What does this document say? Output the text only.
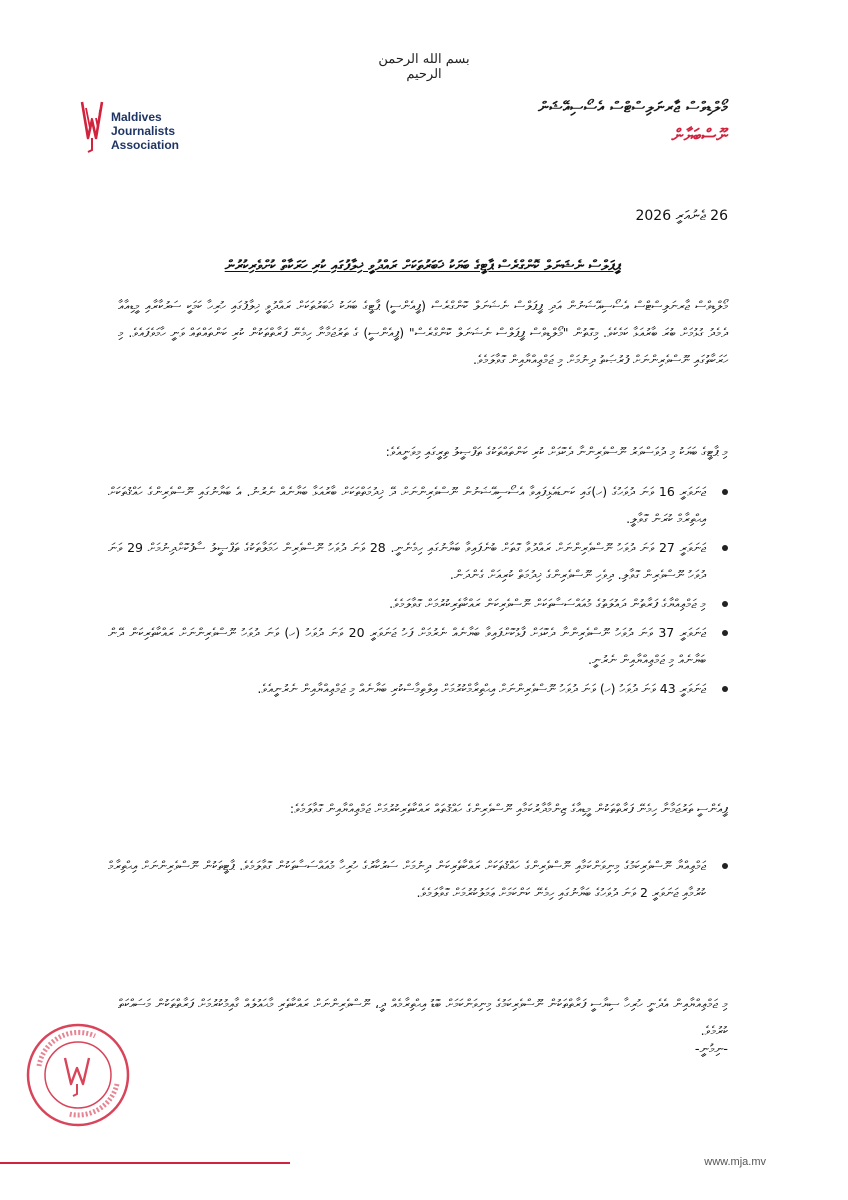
بسم الله الرحمن الرحيم
Maldives
Journalists
Association
މޯލްޑިވްސް ޖާރނަލިސްޓްސް އެސޯސިއޭޝަން
ނޫސްބަޔާން
26 ޖެނުއަރީ 2026
ޕީޕަލްސް ނެޝަނަލް ކޮންގްރެސް ޕާޓީގެ ބަޔަކު ޚަބަރުތަކަށް ރައްދުވީ ޚިލާފުގައި ކުރި ހަރަކާތް ކުށްވެރިކުރުން
މޯލްޑިވްސް ޖާރނަލިސްޓްސް އެސޯސިއޭޝަނުން އަދި ޕީޕަލްސް ނެޝަނަލް ކޮންގްރެސް (ޕީއެންސީ) ޕާޓީގެ ބަޔަކު ޚަބަރުތަކަށް ރައްދުވީ ޚިލާފުގައި ހުރިހާ ކަމަކީ ސަރުކާރާއި މީޑިއާއާ ދެމެދު ގުޅުމަށް ބުރަ ބާރުއަޅާ ކަމެކެވެ. މިގޮތުން "މޯލްޑިވްސް ޕީޕަލްސް ނެޝަނަލް ކޮންގްރެސް" (ޕީއެންސީ) ގެ ތަރުޖަމާނާ ހިމެނޭ ފަރާތްތަކުން ކުރި ކަންތައްތައް ވަނީ ހާމަވެފައެވެ. މި ހަރަކާތުގައި ނޫސްވެރިންނަށް ފުރުޞަތު ދިނުމަށް މި ޖަމްޢިއްޔާއިން ގޮވާލަމެވެ.
މި ޕާޓީގެ ބަޔަކު މި ދުވަސްވަރު ނޫސްވެރިންނާ ދެކޮޅަށް ކުރި ކަންތައްތަކުގެ ތަފްޞީލު ތިރީގައި މިވަނީއެވެ:
ޖަނަވަރީ 16 ވަނަ ދުވަހުގެ (ހ)ގައި ކަނޑައެޅިފައިވާ އެސޯސިއޭޝަނުން ނޫސްވެރިންނަށް ދޭ ޚިދުމަތްތަކަށް ބާރުއަޅާ ބަޔާނެއް ނެރުނު. އެ ބަޔާނުގައި ނޫސްވެރިންގެ ހައްޤުތަކަށް އިޙްތިރާމް ކުރަން ގޮވާލީ.
ޖަނަވަރީ 27 ވަނަ ދުވަހު ނޫސްވެރިންނަށް ރައްދުވާ ގޮތަށް ބުނެފައިވާ ބަޔާނުގައި ހިމެނެނީ. 28 ވަނަ ދުވަހު ނޫސްވެރިން ހަމަލާތަކުގެ ތަފްޞީލު ސާފުކޮށްދިނުމަށް 29 ވަނަ ދުވަހު ނޫސްވެރިން ގޮވާލި. ދިވެހި ނޫސްވެރިންގެ ޚިދުމަތް ކުރިއަށް ގެންދަން.
މި ޖަމްޢިއްޔާގެ ފަރާތުން ދައުލަތުގެ މުއައްސަސާތަކަށް ނޫސްވެރިކަން ރައްކާތެރިކުރުމަށް ގޮވާލަމެވެ.
ޖަނަވަރީ 37 ވަނަ ދުވަހު ނޫސްވެރިންނާ ދެކޮޅަށް ފާޅުކޮށްފައިވާ ބަޔާނެއް ނެރުމަށް ފަހު ޖަނަވަރީ 20 ވަނަ ދުވަހު (ހ) ވަނަ ދުވަހު ނޫސްވެރިންނަށް ރައްކާތެރިކަން ދޭން ބަޔާނެއް މި ޖަމްޢިއްޔާއިން ނެރުނީ.
ޖަނަވަރީ 43 ވަނަ ދުވަހު (ހ) ވަނަ ދުވަހު ނޫސްވެރިންނަށް އިޙްތިރާމްކުރުމަށް އިލްތިމާސްކުރި ބަޔާނެއް މި ޖަމްޢިއްޔާއިން ނެރުނީއެވެ.
ޕީއެންސީ ތަރުޖަމާނާ ހިމެނޭ ފަރާތްތަކުން މީޑިއާގެ ޒިންމާދާރުކަމާއި ނޫސްވެރިންގެ ހައްޤުތައް ރައްކާތެރިކުރުމަށް ޖަމްޢިއްޔާއިން ގޮވާލަމެވެ:
ޖަމްޢިއްޔާ ނޫސްވެރިކަމުގެ މިނިވަންކަމާއި ނޫސްވެރިންގެ ހައްޤުތަކަށް ރައްކާތެރިކަން ދިނުމަށް ސަރުކާރުގެ ހުރިހާ މުއައްސަސާތަކުން ގޮވާލަމެވެ. ޕާޓީތަކުން ނޫސްވެރިންނަށް އިޙްތިރާމް ކުރުމާއި ޖަނަވަރީ 2 ވަނަ ދުވަހުގެ ބަޔާނުގައި ހިމެނޭ ކަންކަމަށް ޢަމަލުކުރުމަށް ގޮވާލަމެވެ.
މި ޖަމްޢިއްޔާއިން އެދެނީ ހުރިހާ ސިޔާސީ ފަރާތްތަކުން ނޫސްވެރިކަމުގެ މިނިވަންކަމަށް ބޮޑު އިޙްތިރާމެއް ދީ، ނޫސްވެރިންނަށް ރައްކާތެރި މާޙައުލެއް ގާއިމުކުރުމަށް ފަރާތްތަކުން މަސައްކަތް ކުރުމެވެ.
-ނިމުނީ-
www.mja.mv
